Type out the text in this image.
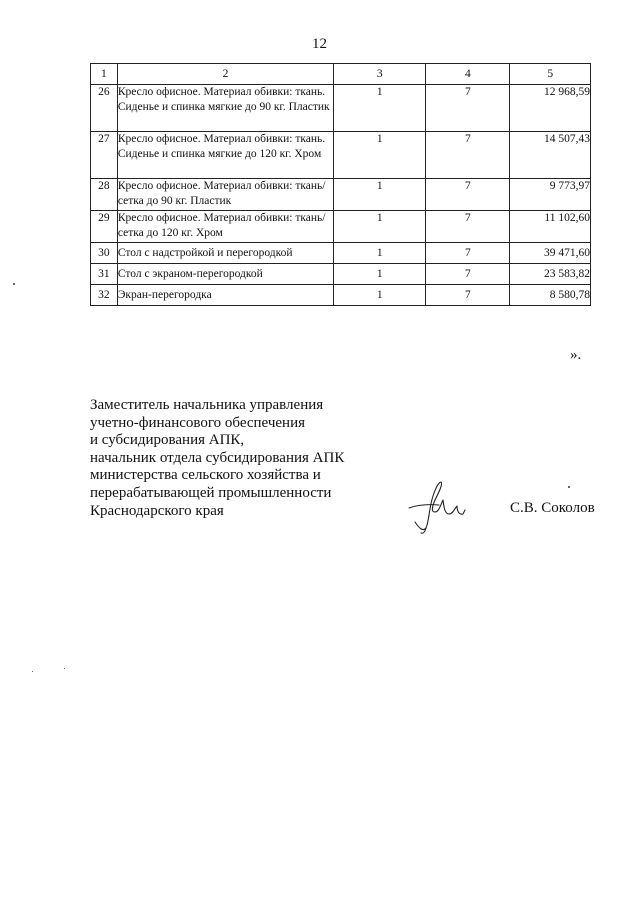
12
1	2	3	4	5
26	Кресло офисное. Материал обивки: ткань. Сиденье и спинка мягкие до 90 кг. Пластик	1	7	12 968,59
27	Кресло офисное. Материал обивки: ткань. Сиденье и спинка мягкие до 120 кг. Хром	1	7	14 507,43
28	Кресло офисное. Материал обивки: ткань/сетка до 90 кг. Пластик	1	7	9 773,97
29	Кресло офисное. Материал обивки: ткань/сетка до 120 кг. Хром	1	7	11 102,60
30	Стол с надстройкой и перегородкой	1	7	39 471,60
31	Стол с экраном-перегородкой	1	7	23 583,82
32	Экран-перегородка	1	7	8 580,78
».
Заместитель начальника управления
учетно-финансового обеспечения
и субсидирования АПК,
начальник отдела субсидирования АПК
министерства сельского хозяйства и
перерабатывающей промышленности
Краснодарского края	С.В. Соколов
